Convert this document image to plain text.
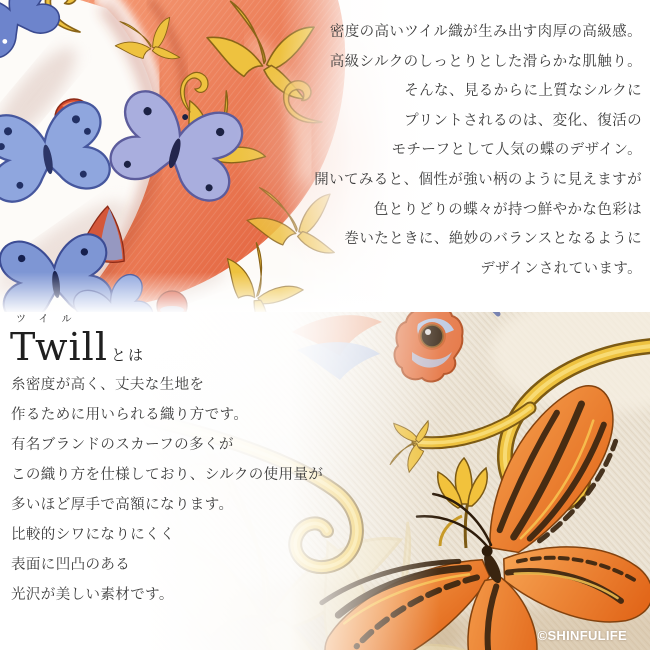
密度の高いツイル織が生み出す肉厚の高級感。
高級シルクのしっとりとした滑らかな肌触り。
そんな、見るからに上質なシルクに
プリントされるのは、変化、復活の
モチーフとして人気の蝶のデザイン。
開いてみると、個性が強い柄のように見えますが
色とりどりの蝶々が持つ鮮やかな色彩は
巻いたときに、絶妙のバランスとなるように
デザインされています。
ツイル
Twill とは
糸密度が高く、丈夫な生地を
作るために用いられる織り方です。
有名ブランドのスカーフの多くが
この織り方を仕様しており、シルクの使用量が
多いほど厚手で高額になります。
比較的シワになりにくく
表面に凹凸のある
光沢が美しい素材です。
©SHINFULIFE
